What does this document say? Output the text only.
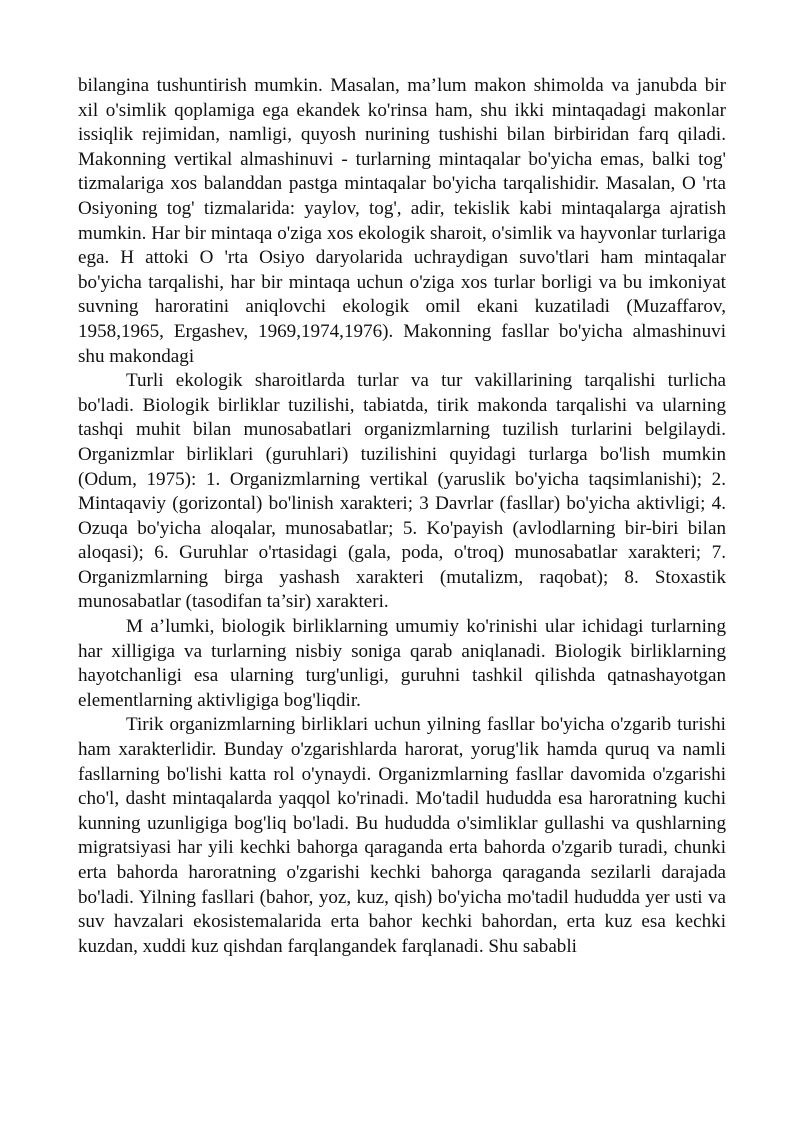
bilangina tushuntirish mumkin. Masalan, ma’lum makon shimolda va janubda bir xil o'simlik qoplamiga ega ekandek ko'rinsa ham, shu ikki mintaqadagi makonlar issiqlik rejimidan, namligi, quyosh nurining tushishi bilan birbiridan farq qiladi. Makonning vertikal almashinuvi - turlarning mintaqalar bo'yicha emas, balki tog' tizmalariga xos balanddan pastga mintaqalar bo'yicha tarqalishidir. Masalan, O 'rta Osiyoning tog' tizmalarida: yaylov, tog', adir, tekislik kabi mintaqalarga ajratish mumkin. Har bir mintaqa o'ziga xos ekologik sharoit, o'simlik va hayvonlar turlariga ega. H attoki O 'rta Osiyo daryolarida uchraydigan suvo'tlari ham mintaqalar bo'yicha tarqalishi, har bir mintaqa uchun o'ziga xos turlar borligi va bu imkoniyat suvning haroratini aniqlovchi ekologik omil ekani kuzatiladi (Muzaffarov, 1958,1965, Ergashev, 1969,1974,1976). Makonning fasllar bo'yicha almashinuvi shu makondagi

Turli ekologik sharoitlarda turlar va tur vakillarining tarqalishi turlicha bo'ladi. Biologik birliklar tuzilishi, tabiatda, tirik makonda tarqalishi va ularning tashqi muhit bilan munosabatlari organizmlarning tuzilish turlarini belgilaydi. Organizmlar birliklari (guruhlari) tuzilishini quyidagi turlarga bo'lish mumkin (Odum, 1975): 1. Organizmlarning vertikal (yaruslik bo'yicha taqsimlanishi); 2. Mintaqaviy (gorizontal) bo'linish xarakteri; 3 Davrlar (fasllar) bo'yicha aktivligi; 4. Ozuqa bo'yicha aloqalar, munosabatlar; 5. Ko'payish (avlodlarning bir-biri bilan aloqasi); 6. Guruhlar o'rtasidagi (gala, poda, o'troq) munosabatlar xarakteri; 7. Organizmlarning birga yashash xarakteri (mutalizm, raqobat); 8. Stoxastik munosabatlar (tasodifan ta’sir) xarakteri.

M a’lumki, biologik birliklarning umumiy ko'rinishi ular ichidagi turlarning har xilligiga va turlarning nisbiy soniga qarab aniqlanadi. Biologik birliklarning hayotchanligi esa ularning turg'unligi, guruhni tashkil qilishda qatnashayotgan elementlarning aktivligiga bog'liqdir.

Tirik organizmlarning birliklari uchun yilning fasllar bo'yicha o'zgarib turishi ham xarakterlidir. Bunday o'zgarishlarda harorat, yorug'lik hamda quruq va namli fasllarning bo'lishi katta rol o'ynaydi. Organizmlarning fasllar davomida o'zgarishi cho'l, dasht mintaqalarda yaqqol ko'rinadi. Mo'tadil hududda esa haroratning kuchi kunning uzunligiga bog'liq bo'ladi. Bu hududda o'simliklar gullashi va qushlarning migratsiyasi har yili kechki bahorga qaraganda erta bahorda o'zgarib turadi, chunki erta bahorda haroratning o'zgarishi kechki bahorga qaraganda sezilarli darajada bo'ladi. Yilning fasllari (bahor, yoz, kuz, qish) bo'yicha mo'tadil hududda yer usti va suv havzalari ekosistemalarida erta bahor kechki bahordan, erta kuz esa kechki kuzdan, xuddi kuz qishdan farqlangandek farqlanadi. Shu sababli
